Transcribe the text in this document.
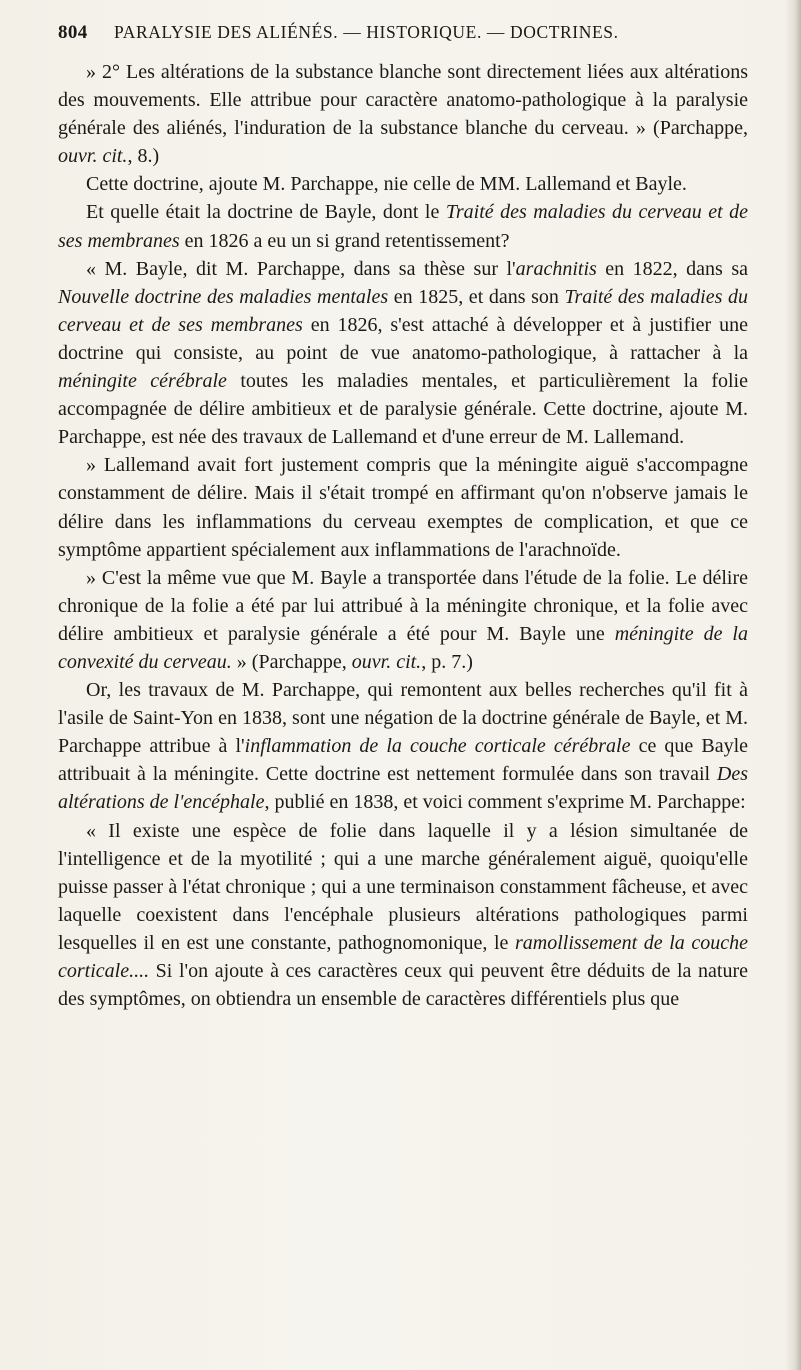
804	PARALYSIE DES ALIÉNÉS. — HISTORIQUE. — DOCTRINES.

» 2° Les altérations de la substance blanche sont directement liées aux altérations des mouvements. Elle attribue pour caractère anatomo-pathologique à la paralysie générale des aliénés, l'induration de la substance blanche du cerveau. » (Parchappe, ouvr. cit., 8.)

Cette doctrine, ajoute M. Parchappe, nie celle de MM. Lallemand et Bayle.

Et quelle était la doctrine de Bayle, dont le Traité des maladies du cerveau et de ses membranes en 1826 a eu un si grand retentissement?

« M. Bayle, dit M. Parchappe, dans sa thèse sur l'arachnitis en 1822, dans sa Nouvelle doctrine des maladies mentales en 1825, et dans son Traité des maladies du cerveau et de ses membranes en 1826, s'est attaché à développer et à justifier une doctrine qui consiste, au point de vue anatomo-pathologique, à rattacher à la méningite cérébrale toutes les maladies mentales, et particulièrement la folie accompagnée de délire ambitieux et de paralysie générale. Cette doctrine, ajoute M. Parchappe, est née des travaux de Lallemand et d'une erreur de M. Lallemand.

» Lallemand avait fort justement compris que la méningite aiguë s'accompagne constamment de délire. Mais il s'était trompé en affirmant qu'on n'observe jamais le délire dans les inflammations du cerveau exemptes de complication, et que ce symptôme appartient spécialement aux inflammations de l'arachnoïde.

» C'est la même vue que M. Bayle a transportée dans l'étude de la folie. Le délire chronique de la folie a été par lui attribué à la méningite chronique, et la folie avec délire ambitieux et paralysie générale a été pour M. Bayle une méningite de la convexité du cerveau. » (Parchappe, ouvr. cit., p. 7.)

Or, les travaux de M. Parchappe, qui remontent aux belles recherches qu'il fit à l'asile de Saint-Yon en 1838, sont une négation de la doctrine générale de Bayle, et M. Parchappe attribue à l'inflammation de la couche corticale cérébrale ce que Bayle attribuait à la méningite. Cette doctrine est nettement formulée dans son travail Des altérations de l'encéphale, publié en 1838, et voici comment s'exprime M. Parchappe:

« Il existe une espèce de folie dans laquelle il y a lésion simultanée de l'intelligence et de la myotilité ; qui a une marche généralement aiguë, quoiqu'elle puisse passer à l'état chronique ; qui a une terminaison constamment fâcheuse, et avec laquelle coexistent dans l'encéphale plusieurs altérations pathologiques parmi lesquelles il en est une constante, pathognomonique, le ramollissement de la couche corticale.... Si l'on ajoute à ces caractères ceux qui peuvent être déduits de la nature des symptômes, on obtiendra un ensemble de caractères différentiels plus que
